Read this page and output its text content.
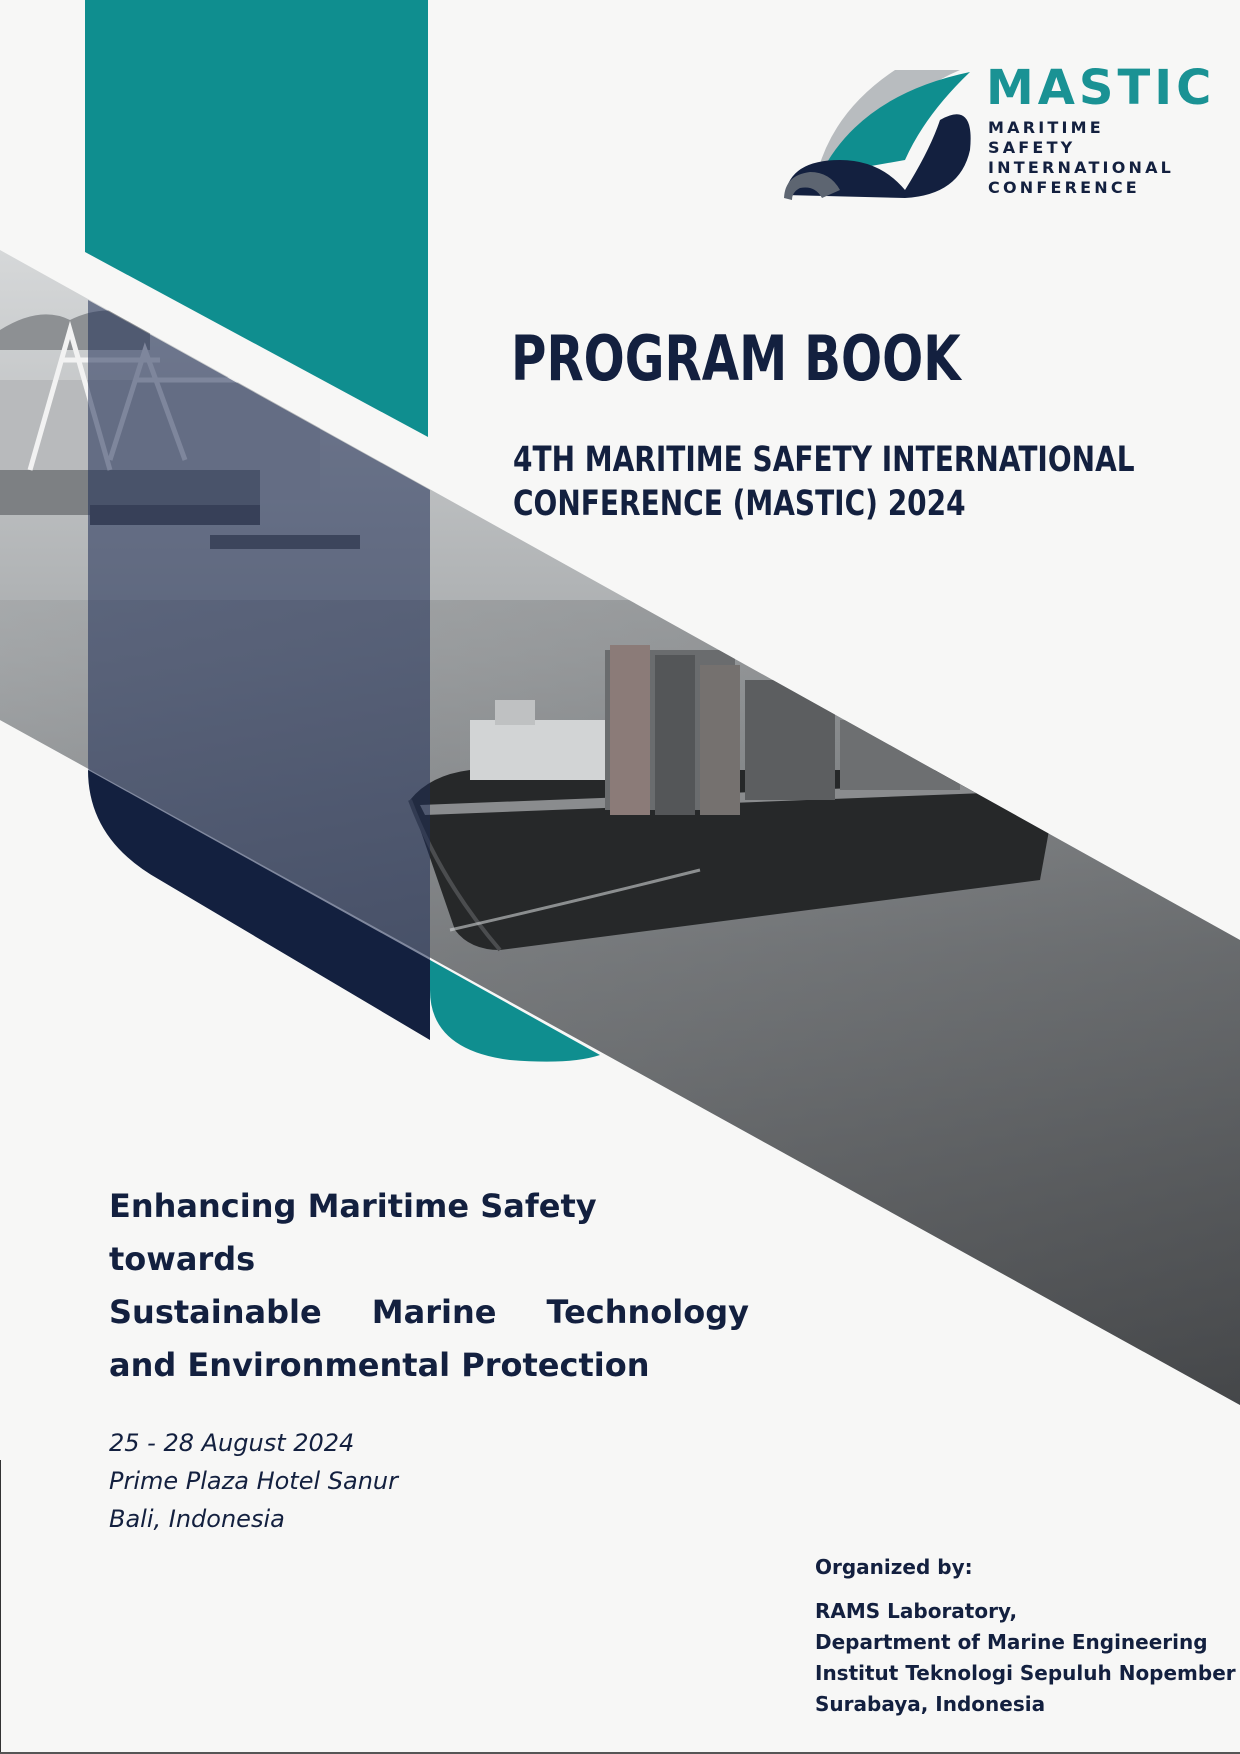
MASTIC
MARITIME
SAFETY
INTERNATIONAL
CONFERENCE
PROGRAM BOOK
4TH MARITIME SAFETY INTERNATIONAL
CONFERENCE (MASTIC) 2024
Enhancing Maritime Safety towards
Sustainable Marine Technology
and Environmental Protection
25 - 28 August 2024
Prime Plaza Hotel Sanur
Bali, Indonesia
Organized by:
RAMS Laboratory,
Department of Marine Engineering
Institut Teknologi Sepuluh Nopember
Surabaya, Indonesia
